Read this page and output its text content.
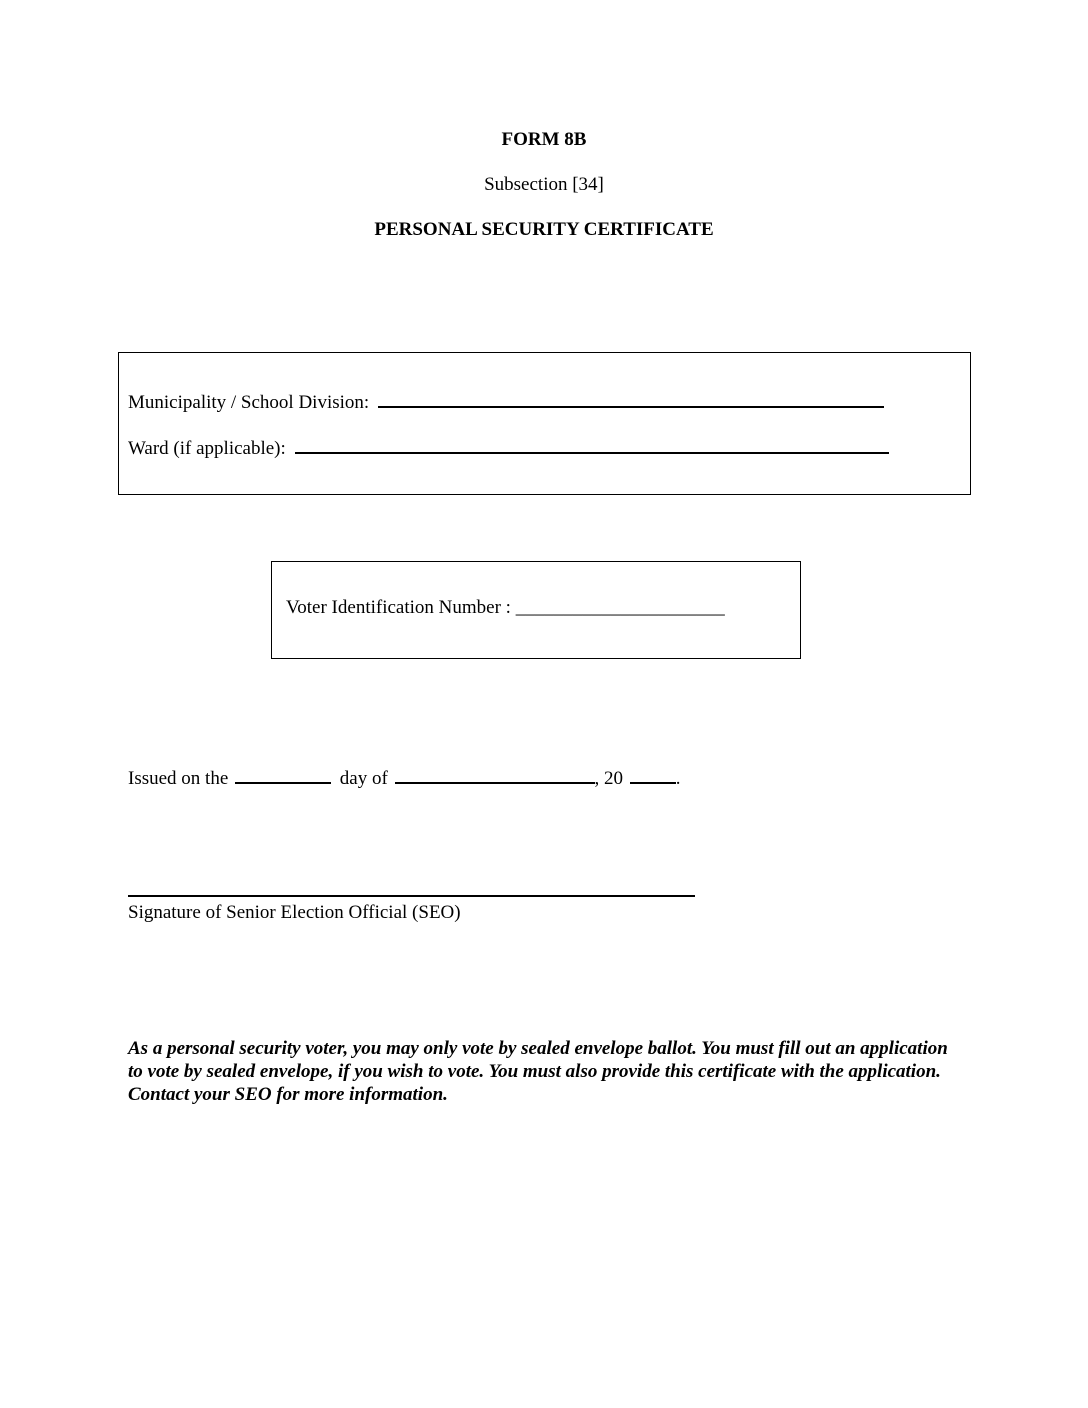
FORM 8B
Subsection [34]
PERSONAL SECURITY CERTIFICATE
Municipality / School Division:
Ward (if applicable):
Voter Identification Number : ______________________
Issued on the	day of	, 20	.
Signature of Senior Election Official (SEO)
As a personal security voter, you may only vote by sealed envelope ballot. You must fill out an application to vote by sealed envelope, if you wish to vote. You must also provide this certificate with the application. Contact your SEO for more information.
